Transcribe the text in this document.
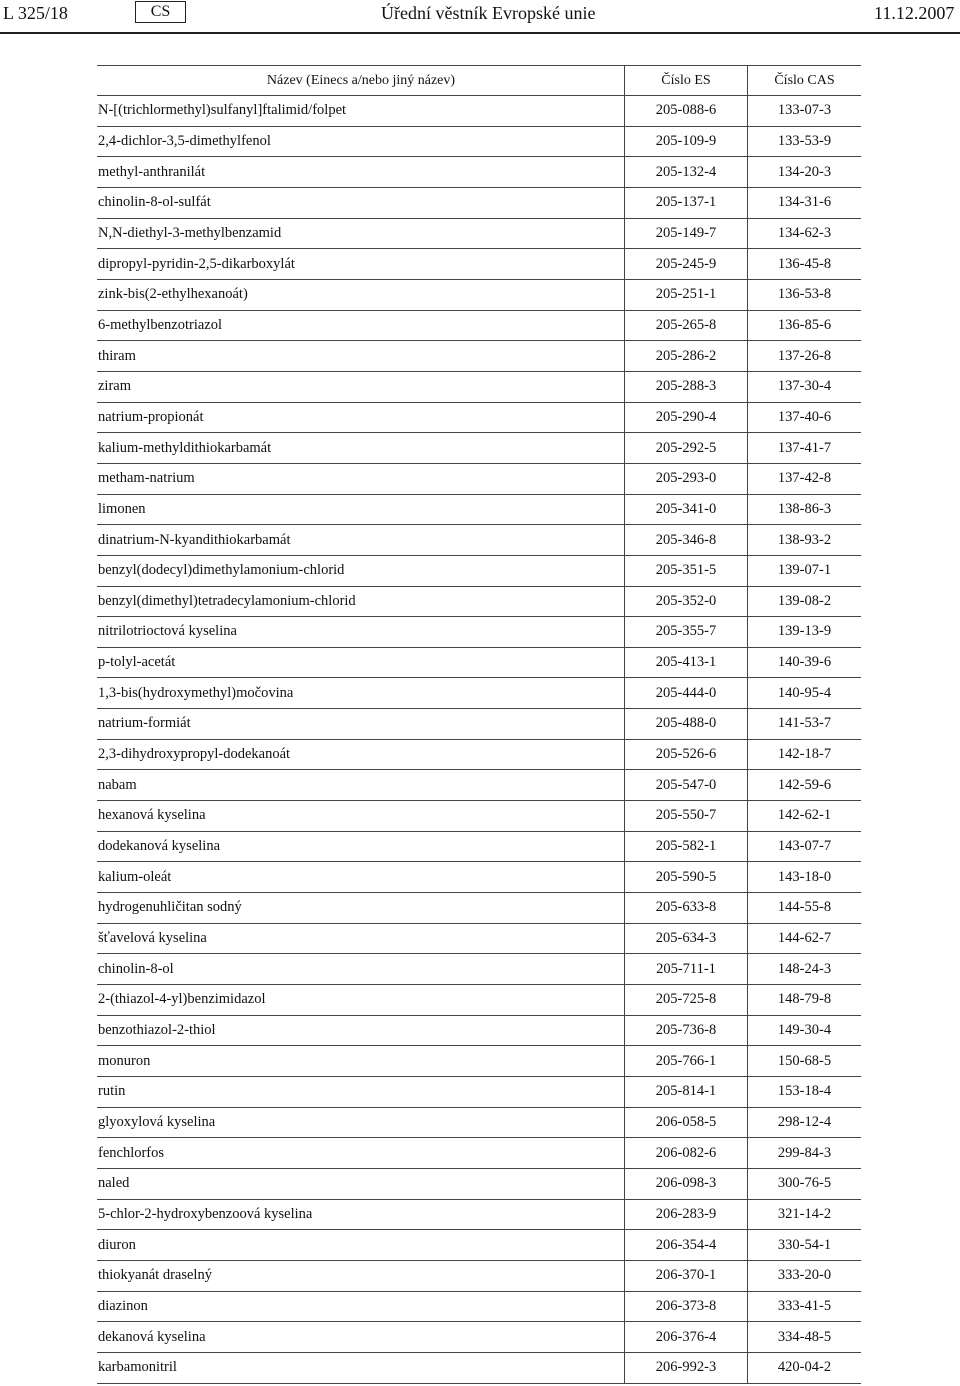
L 325/18	CS	Úřední věstník Evropské unie	11.12.2007
Název (Einecs a/nebo jiný název)	Číslo ES	Číslo CAS
N-[(trichlormethyl)sulfanyl]ftalimid/folpet	205-088-6	133-07-3
2,4-dichlor-3,5-dimethylfenol	205-109-9	133-53-9
methyl-anthranilát	205-132-4	134-20-3
chinolin-8-ol-sulfát	205-137-1	134-31-6
N,N-diethyl-3-methylbenzamid	205-149-7	134-62-3
dipropyl-pyridin-2,5-dikarboxylát	205-245-9	136-45-8
zink-bis(2-ethylhexanoát)	205-251-1	136-53-8
6-methylbenzotriazol	205-265-8	136-85-6
thiram	205-286-2	137-26-8
ziram	205-288-3	137-30-4
natrium-propionát	205-290-4	137-40-6
kalium-methyldithiokarbamát	205-292-5	137-41-7
metham-natrium	205-293-0	137-42-8
limonen	205-341-0	138-86-3
dinatrium-N-kyandithiokarbamát	205-346-8	138-93-2
benzyl(dodecyl)dimethylamonium-chlorid	205-351-5	139-07-1
benzyl(dimethyl)tetradecylamonium-chlorid	205-352-0	139-08-2
nitrilotrioctová kyselina	205-355-7	139-13-9
p-tolyl-acetát	205-413-1	140-39-6
1,3-bis(hydroxymethyl)močovina	205-444-0	140-95-4
natrium-formiát	205-488-0	141-53-7
2,3-dihydroxypropyl-dodekanoát	205-526-6	142-18-7
nabam	205-547-0	142-59-6
hexanová kyselina	205-550-7	142-62-1
dodekanová kyselina	205-582-1	143-07-7
kalium-oleát	205-590-5	143-18-0
hydrogenuhličitan sodný	205-633-8	144-55-8
šťavelová kyselina	205-634-3	144-62-7
chinolin-8-ol	205-711-1	148-24-3
2-(thiazol-4-yl)benzimidazol	205-725-8	148-79-8
benzothiazol-2-thiol	205-736-8	149-30-4
monuron	205-766-1	150-68-5
rutin	205-814-1	153-18-4
glyoxylová kyselina	206-058-5	298-12-4
fenchlorfos	206-082-6	299-84-3
naled	206-098-3	300-76-5
5-chlor-2-hydroxybenzoová kyselina	206-283-9	321-14-2
diuron	206-354-4	330-54-1
thiokyanát draselný	206-370-1	333-20-0
diazinon	206-373-8	333-41-5
dekanová kyselina	206-376-4	334-48-5
karbamonitril	206-992-3	420-04-2
